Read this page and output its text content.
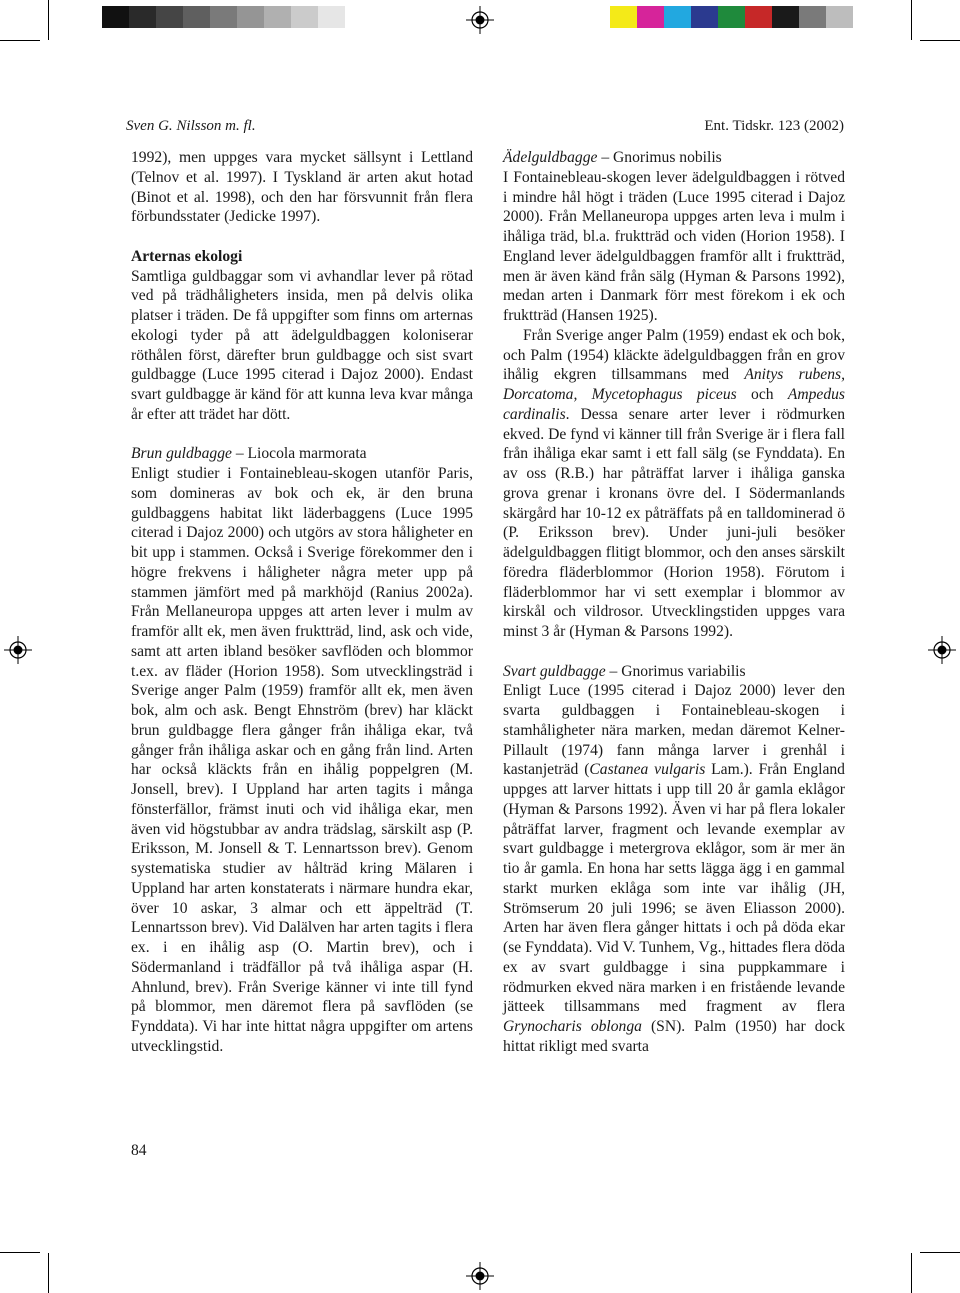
Sven G. Nilsson m. fl.	Ent. Tidskr. 123 (2002)

1992), men uppges vara mycket sällsynt i Lettland (Telnov et al. 1997). I Tyskland är arten akut hotad (Binot et al. 1998), och den har försvunnit från flera förbundsstater (Jedicke 1997).

Arternas ekologi

Samtliga guldbaggar som vi avhandlar lever på rötad ved på trädhåligheters insida, men på delvis olika platser i träden. De få uppgifter som finns om arternas ekologi tyder på att ädelguldbaggen koloniserar röthålen först, därefter brun guldbagge och sist svart guldbagge (Luce 1995 citerad i Dajoz 2000). Endast svart guldbagge är känd för att kunna leva kvar många år efter att trädet har dött.

Brun guldbagge – Liocola marmorata

Enligt studier i Fontainebleau-skogen utanför Paris, som domineras av bok och ek, är den bruna guldbaggens habitat likt läderbaggens (Luce 1995 citerad i Dajoz 2000) och utgörs av stora håligheter en bit upp i stammen. Också i Sverige förekommer den i högre frekvens i håligheter några meter upp på stammen jämfört med på markhöjd (Ranius 2002a). Från Mellaneuropa uppges att arten lever i mulm av framför allt ek, men även fruktträd, lind, ask och vide, samt att arten ibland besöker savflöden och blommor t.ex. av fläder (Horion 1958). Som utvecklingsträd i Sverige anger Palm (1959) framför allt ek, men även bok, alm och ask. Bengt Ehnström (brev) har kläckt brun guldbagge flera gånger från ihåliga ekar, två gånger från ihåliga askar och en gång från lind. Arten har också kläckts från en ihålig poppelgren (M. Jonsell, brev). I Uppland har arten tagits i många fönsterfällor, främst inuti och vid ihåliga ekar, men även vid högstubbar av andra trädslag, särskilt asp (P. Eriksson, M. Jonsell & T. Lennartsson brev). Genom systematiska studier av hålträd kring Mälaren i Uppland har arten konstaterats i närmare hundra ekar, över 10 askar, 3 almar och ett äppelträd (T. Lennartsson brev). Vid Dalälven har arten tagits i flera ex. i en ihålig asp (O. Martin brev), och i Södermanland i trädfällor på två ihåliga aspar (H. Ahnlund, brev). Från Sverige känner vi inte till fynd på blommor, men däremot flera på savflöden (se Fynddata). Vi har inte hittat några uppgifter om artens utvecklingstid.

Ädelguldbagge – Gnorimus nobilis

I Fontainebleau-skogen lever ädelguldbaggen i rötved i mindre hål högt i träden (Luce 1995 citerad i Dajoz 2000). Från Mellaneuropa uppges arten leva i mulm i ihåliga träd, bl.a. fruktträd och viden (Horion 1958). I England lever ädelguldbaggen framför allt i fruktträd, men är även känd från sälg (Hyman & Parsons 1992), medan arten i Danmark förr mest förekom i ek och fruktträd (Hansen 1925).

Från Sverige anger Palm (1959) endast ek och bok, och Palm (1954) kläckte ädelguldbaggen från en grov ihålig ekgren tillsammans med Anitys rubens, Dorcatoma, Mycetophagus piceus och Ampedus cardinalis. Dessa senare arter lever i rödmurken ekved. De fynd vi känner till från Sverige är i flera fall från ihåliga ekar samt i ett fall sälg (se Fynddata). En av oss (R.B.) har påträffat larver i ihåliga ganska grova grenar i kronans övre del. I Södermanlands skärgård har 10-12 ex påträffats på en talldominerad ö (P. Eriksson brev). Under juni-juli besöker ädelguldbaggen flitigt blommor, och den anses särskilt föredra fläderblommor (Horion 1958). Förutom i fläderblommor har vi sett exemplar i blommor av kirskål och vildrosor. Utvecklingstiden uppges vara minst 3 år (Hyman & Parsons 1992).

Svart guldbagge – Gnorimus variabilis

Enligt Luce (1995 citerad i Dajoz 2000) lever den svarta guldbaggen i Fontainebleau-skogen i stamhåligheter nära marken, medan däremot Kelner-Pillault (1974) fann många larver i grenhål i kastanjeträd (Castanea vulgaris Lam.). Från England uppges att larver hittats i upp till 20 år gamla eklågor (Hyman & Parsons 1992). Även vi har på flera lokaler påträffat larver, fragment och levande exemplar av svart guldbagge i metergrova eklågor, som är mer än tio år gamla. En hona har setts lägga ägg i en gammal starkt murken eklåga som inte var ihålig (JH, Strömserum 20 juli 1996; se även Eliasson 2000). Arten har även flera gånger hittats i och på döda ekar (se Fynddata). Vid V. Tunhem, Vg., hittades flera döda ex av svart guldbagge i sina puppkammare i rödmurken ekved nära marken i en fristående levande jätteek tillsammans med fragment av flera Grynocharis oblonga (SN). Palm (1950) har dock hittat rikligt med svarta

84
